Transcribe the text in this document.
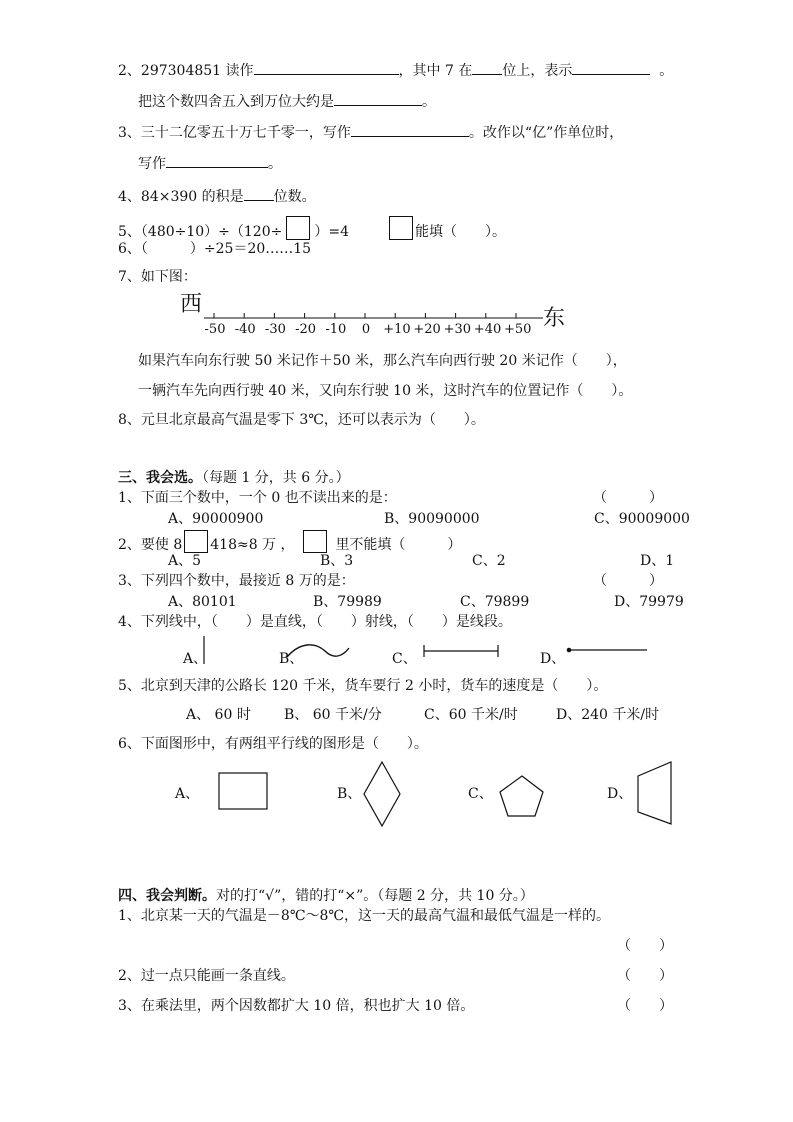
2、297304851 读作	，其中 7 在 位上，表示	。
把这个数四舍五入到万位大约是	。
3、三十二亿零五十万七千零一，写作	。改作以“亿”作单位时，
写作	。
4、84×390 的积是 位数。
5、（480÷10）÷（120÷ ）=4	能填（　　）。
6、（　　　）÷25＝20……15
7、如下图：
西
东
-50 -40 -30 -20 -10	0	+10 +20 +30 +40 +50
如果汽车向东行驶 50 米记作＋50 米，那么汽车向西行驶 20 米记作（　　），
一辆汽车先向西行驶 40 米，又向东行驶 10 米，这时汽车的位置记作（　　）。
8、元旦北京最高气温是零下 3℃，还可以表示为（　　）。
三、我会选。（每题 1 分，共 6 分。）
1、下面三个数中，一个 0 也不读出来的是：	（　　　）
A、90000900	B、90090000	C、90009000
2、要使 8 418≈8 万 ，	里不能填（　　　）
A、5	B、3	C、2	D、1
3、下列四个数中，最接近 8 万的是：	（　　　）
A、80101	B、79989	C、79899	D、79979
4、下列线中，（　　）是直线，（　　）射线，（　　）是线段。
A、	B、	C、	D、
5、北京到天津的公路长 120 千米，货车要行 2 小时，货车的速度是（　　）。
A、 60 时 B、 60 千米/分	C、60 千米/时	D、240 千米/时
6、下面图形中，有两组平行线的图形是（　　）。
A、	B、	C、	D、
四、我会判断。对的打“√”，错的打“×”。（每题 2 分，共 10 分。）
1、北京某一天的气温是－8℃～8℃，这一天的最高气温和最低气温是一样的。
（　　）
2、过一点只能画一条直线。	（　　）
3、在乘法里，两个因数都扩大 10 倍，积也扩大 10 倍。	（　　）
